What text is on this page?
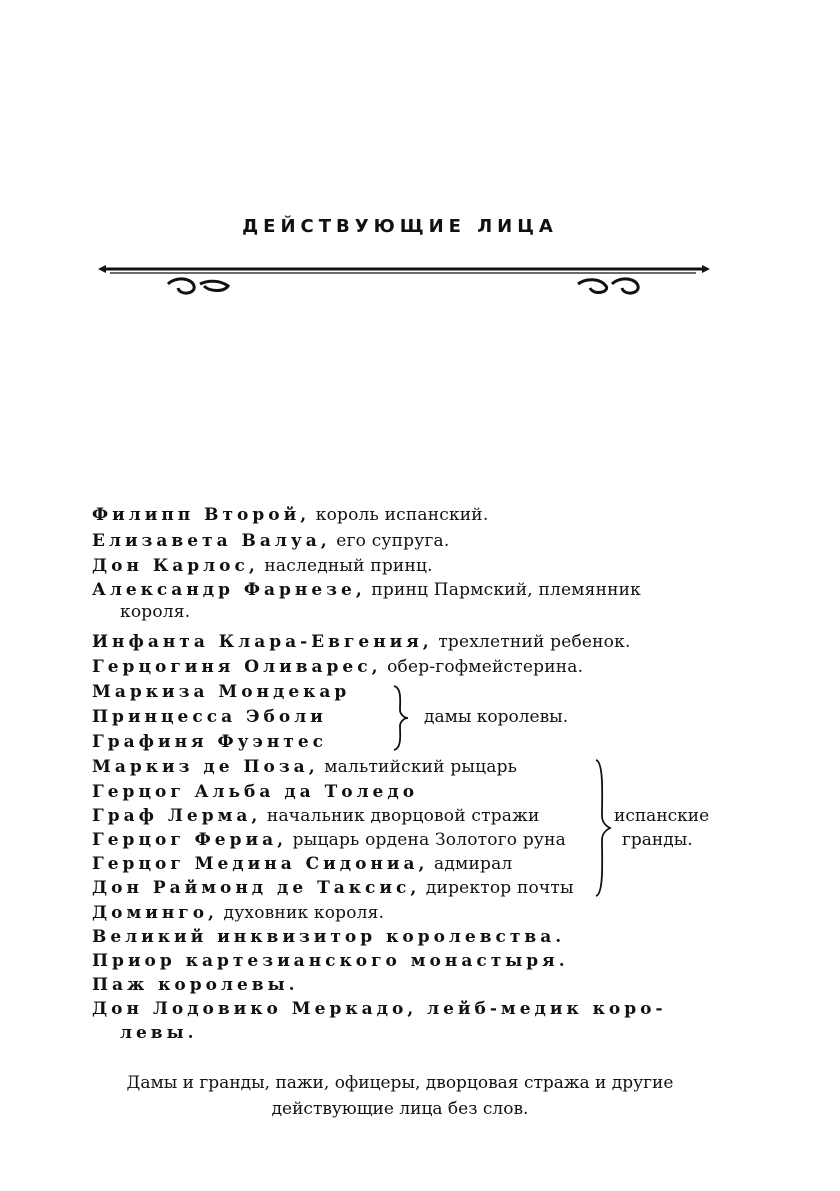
ДЕЙСТВУЮЩИЕ ЛИЦА
Филипп Второй, король испанский.
Елизавета Валуа, его супруга.
Дон Карлос, наследный принц.
Александр Фарнезе, принц Пармский, племянник
короля.
Инфанта Клара-Евгения, трехлетний ребенок.
Герцогиня Оливарес, обер-гофмейстерина.
Маркиза Мондекар
Принцесса Эболи
Графиня Фуэнтес
Маркиз де Поза, мальтийский рыцарь
Герцог Альба да Толедо
Граф Лерма, начальник дворцовой стражи
Герцог Фериа, рыцарь ордена Золотого руна
Герцог Медина Сидониа, адмирал
Дон Раймонд де Таксис, директор почты
Доминго, духовник короля.
Великий инквизитор королевства.
Приор картезианского монастыря.
Паж королевы.
Дон Лодовико Меркадо, лейб-медик коро-
левы.
дамы королевы.
испанские
гранды.
Дамы и гранды, пажи, офицеры, дворцовая стража и другие
действующие лица без слов.
